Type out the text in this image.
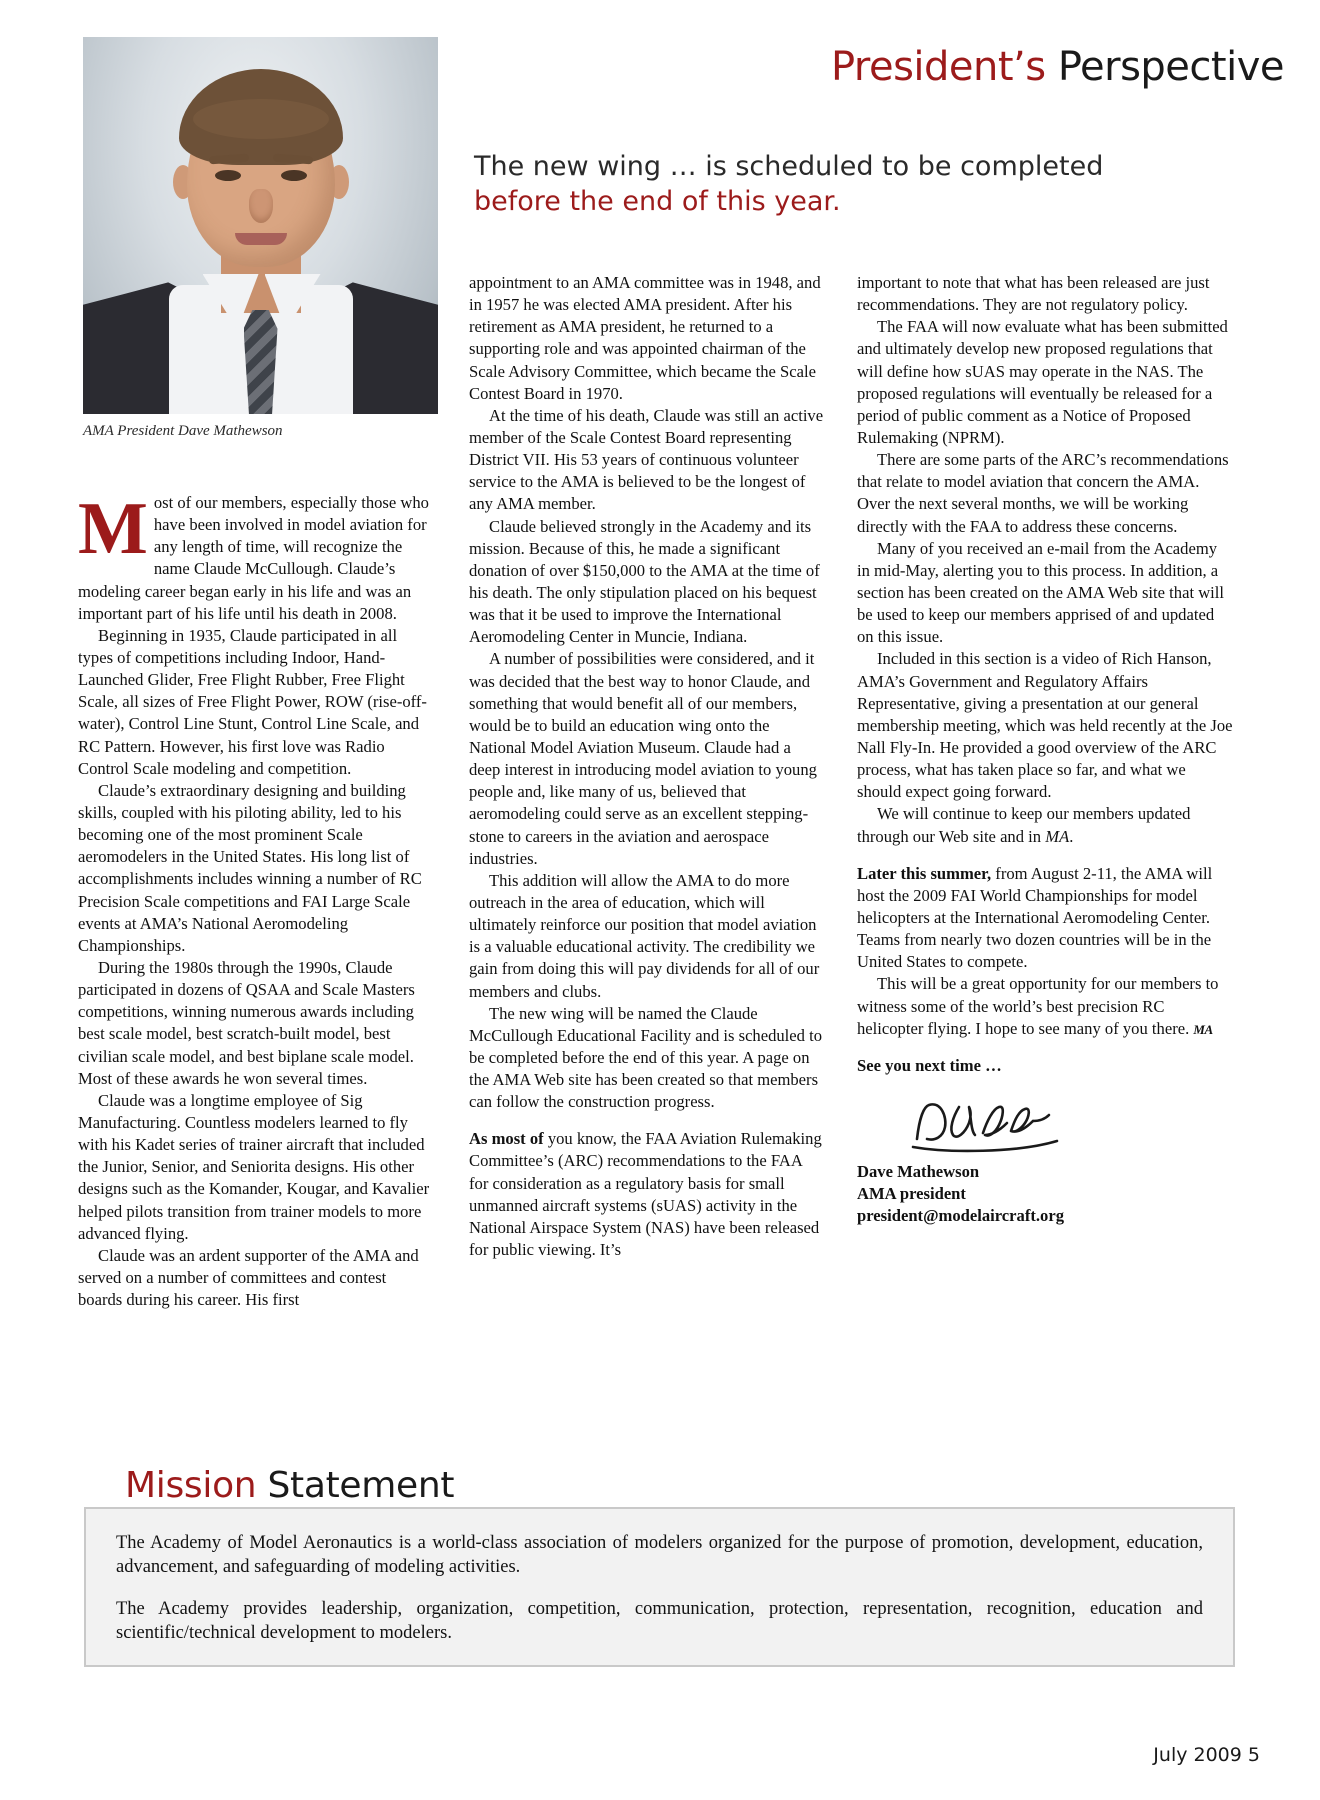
President’s Perspective
The new wing … is scheduled to be completed
before the end of this year.
AMA President Dave Mathewson

Most of our members, especially those who have been involved in model aviation for any length of time, will recognize the name Claude McCullough. Claude’s modeling career began early in his life and was an important part of his life until his death in 2008.

Beginning in 1935, Claude participated in all types of competitions including Indoor, Hand-Launched Glider, Free Flight Rubber, Free Flight Scale, all sizes of Free Flight Power, ROW (rise-off-water), Control Line Stunt, Control Line Scale, and RC Pattern. However, his first love was Radio Control Scale modeling and competition.

Claude’s extraordinary designing and building skills, coupled with his piloting ability, led to his becoming one of the most prominent Scale aeromodelers in the United States. His long list of accomplishments includes winning a number of RC Precision Scale competitions and FAI Large Scale events at AMA’s National Aeromodeling Championships.

During the 1980s through the 1990s, Claude participated in dozens of QSAA and Scale Masters competitions, winning numerous awards including best scale model, best scratch-built model, best civilian scale model, and best biplane scale model. Most of these awards he won several times.

Claude was a longtime employee of Sig Manufacturing. Countless modelers learned to fly with his Kadet series of trainer aircraft that included the Junior, Senior, and Seniorita designs. His other designs such as the Komander, Kougar, and Kavalier helped pilots transition from trainer models to more advanced flying.

Claude was an ardent supporter of the AMA and served on a number of committees and contest boards during his career. His first

appointment to an AMA committee was in 1948, and in 1957 he was elected AMA president. After his retirement as AMA president, he returned to a supporting role and was appointed chairman of the Scale Advisory Committee, which became the Scale Contest Board in 1970.

At the time of his death, Claude was still an active member of the Scale Contest Board representing District VII. His 53 years of continuous volunteer service to the AMA is believed to be the longest of any AMA member.

Claude believed strongly in the Academy and its mission. Because of this, he made a significant donation of over $150,000 to the AMA at the time of his death. The only stipulation placed on his bequest was that it be used to improve the International Aeromodeling Center in Muncie, Indiana.

A number of possibilities were considered, and it was decided that the best way to honor Claude, and something that would benefit all of our members, would be to build an education wing onto the National Model Aviation Museum. Claude had a deep interest in introducing model aviation to young people and, like many of us, believed that aeromodeling could serve as an excellent stepping-stone to careers in the aviation and aerospace industries.

This addition will allow the AMA to do more outreach in the area of education, which will ultimately reinforce our position that model aviation is a valuable educational activity. The credibility we gain from doing this will pay dividends for all of our members and clubs.

The new wing will be named the Claude McCullough Educational Facility and is scheduled to be completed before the end of this year. A page on the AMA Web site has been created so that members can follow the construction progress.

As most of you know, the FAA Aviation Rulemaking Committee’s (ARC) recommendations to the FAA for consideration as a regulatory basis for small unmanned aircraft systems (sUAS) activity in the National Airspace System (NAS) have been released for public viewing. It’s

important to note that what has been released are just recommendations. They are not regulatory policy.

The FAA will now evaluate what has been submitted and ultimately develop new proposed regulations that will define how sUAS may operate in the NAS. The proposed regulations will eventually be released for a period of public comment as a Notice of Proposed Rulemaking (NPRM).

There are some parts of the ARC’s recommendations that relate to model aviation that concern the AMA. Over the next several months, we will be working directly with the FAA to address these concerns.

Many of you received an e-mail from the Academy in mid-May, alerting you to this process. In addition, a section has been created on the AMA Web site that will be used to keep our members apprised of and updated on this issue.

Included in this section is a video of Rich Hanson, AMA’s Government and Regulatory Affairs Representative, giving a presentation at our general membership meeting, which was held recently at the Joe Nall Fly-In. He provided a good overview of the ARC process, what has taken place so far, and what we should expect going forward.

We will continue to keep our members updated through our Web site and in MA.

Later this summer, from August 2-11, the AMA will host the 2009 FAI World Championships for model helicopters at the International Aeromodeling Center. Teams from nearly two dozen countries will be in the United States to compete.

This will be a great opportunity for our members to witness some of the world’s best precision RC helicopter flying. I hope to see many of you there. MA

See you next time …

Dave Mathewson

AMA president

president@modelaircraft.org

Mission Statement

The Academy of Model Aeronautics is a world-class association of modelers organized for the purpose of promotion, development, education, advancement, and safeguarding of modeling activities.

The Academy provides leadership, organization, competition, communication, protection, representation, recognition, education and scientific/technical development to modelers.

July 2009 5
